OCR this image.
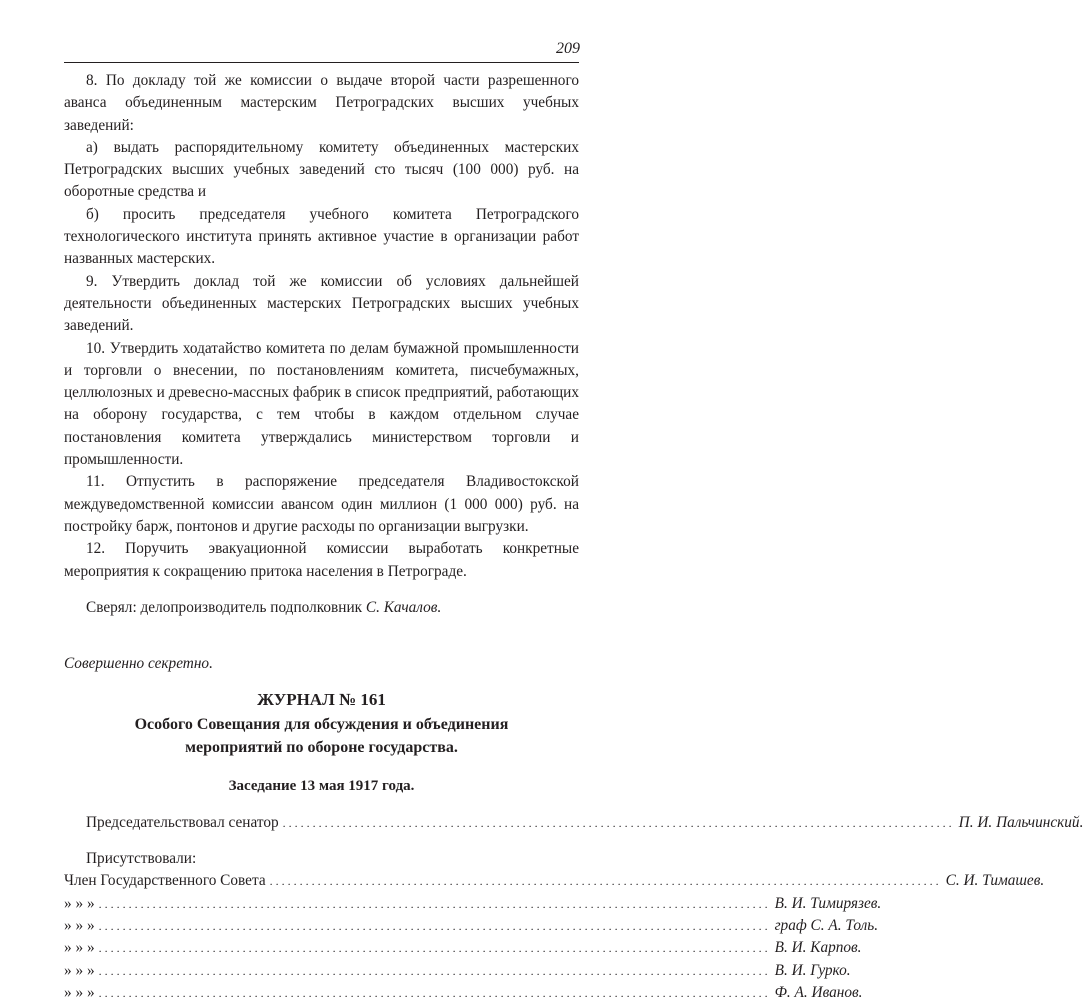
209

8. По докладу той же комиссии о выдаче второй части разрешенного аванса объединенным мастерским Петроградских высших учебных заведений:

а) выдать распорядительному комитету объединенных мастерских Петроградских высших учебных заведений сто тысяч (100 000) руб. на оборотные средства и

б) просить председателя учебного комитета Петроградского технологического института принять активное участие в организации работ названных мастерских.

9. Утвердить доклад той же комиссии об условиях дальнейшей деятельности объединенных мастерских Петроградских высших учебных заведений.

10. Утвердить ходатайство комитета по делам бумажной промышленности и торговли о внесении, по постановлениям комитета, писчебумажных, целлюлозных и древесно-массных фабрик в список предприятий, работающих на оборону государства, с тем чтобы в каждом отдельном случае постановления комитета утверждались министерством торговли и промышленности.

11. Отпустить в распоряжение председателя Владивостокской междуведомственной комиссии авансом один миллион (1 000 000) руб. на постройку барж, понтонов и другие расходы по организации выгрузки.

12. Поручить эвакуационной комиссии выработать конкретные мероприятия к сокращению притока населения в Петрограде.

Сверял: делопроизводитель подполковник С. Качалов.

Совершенно секретно.

ЖУРНАЛ № 161

Особого Совещания для обсуждения и объединения

мероприятий по обороне государства.

Заседание 13 мая 1917 года.

Председательствовал сенатор ................................................................................................................ П. И. Пальчинский.

Присутствовали:

Член Государственного Совета ................................................................................................................ С. И. Тимашев.
» » » ................................................................................................................ В. И. Тимирязев.
» » » ................................................................................................................ граф С. А. Толь.
» » » ................................................................................................................ В. И. Карпов.
» » » ................................................................................................................ В. И. Гурко.
» » » ................................................................................................................ Ф. А. Иванов.
